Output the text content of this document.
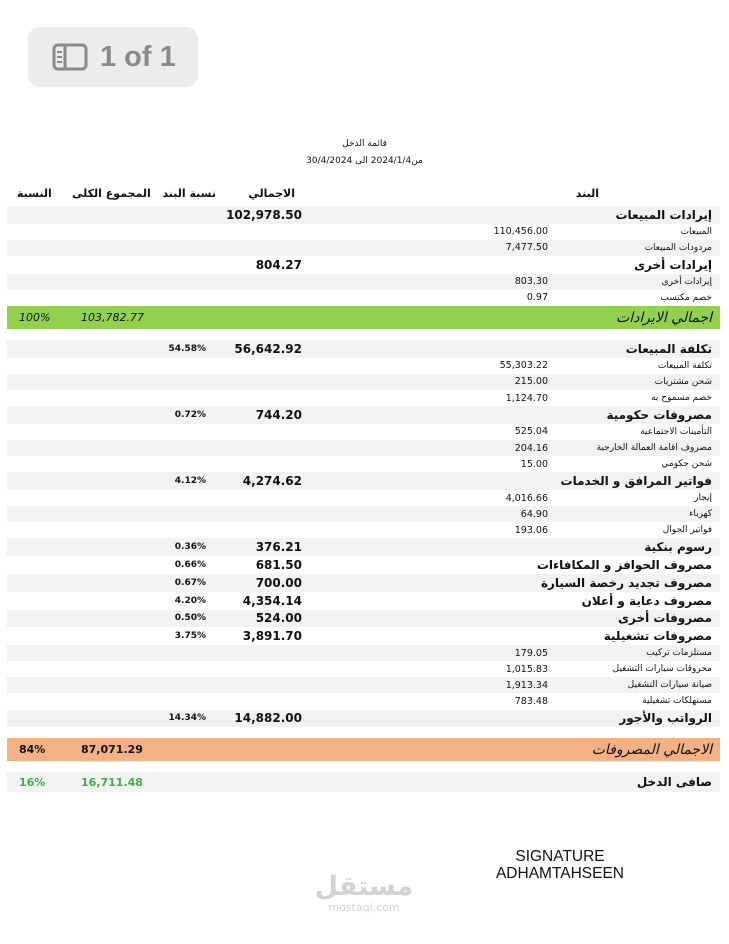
1 of 1
قائمة الدخل
من2024/1/4 الى 30/4/2024
البند
الاجمالي
نسبة البند
المجموع الكلى
النسبة
إيرادات المبيعات
102,978.50
المبيعات
110,456.00
مردودات المبيعات
7,477.50
إيرادات أخرى
804.27
إيرادات أخرى
803.30
خصم مكتسب
0.97
اجمالي الايرادات
103,782.77
100%
تكلفة المبيعات
56,642.92
54.58%
تكلفة المبيعات
55,303.22
شحن مشتريات
215.00
خصم مسموح به
1,124.70
مصروفات حكومية
744.20
0.72%
التأمينات الاجتماعية
525.04
مصروف اقامة العمالة الخارجية
204.16
شحن حكومي
15.00
فواتير المرافق و الخدمات
4,274.62
4.12%
إيجار
4,016.66
كهرباء
64.90
فواتير الجوال
193.06
رسوم بنكية
376.21
0.36%
مصروف الحوافز و المكافاءات
681.50
0.66%
مصروف تجديد رخصة السيارة
700.00
0.67%
مصروف دعاية و أعلان
4,354.14
4.20%
مصروفات أخرى
524.00
0.50%
مصروفات تشغيلية
3,891.70
3.75%
مستلزمات تركيب
179.05
محروقات سيارات التشغيل
1,015.83
صيانة سيارات التشغيل
1,913.34
مستهلكات تشغيلية
783.48
الرواتب والأجور
14,882.00
14.34%
الاجمالي المصروفات
87,071.29
84%
صافى الدخل
16,711.48
16%
SIGNATURE
ADHAMTAHSEEN
مستقل
mostaqi.com
